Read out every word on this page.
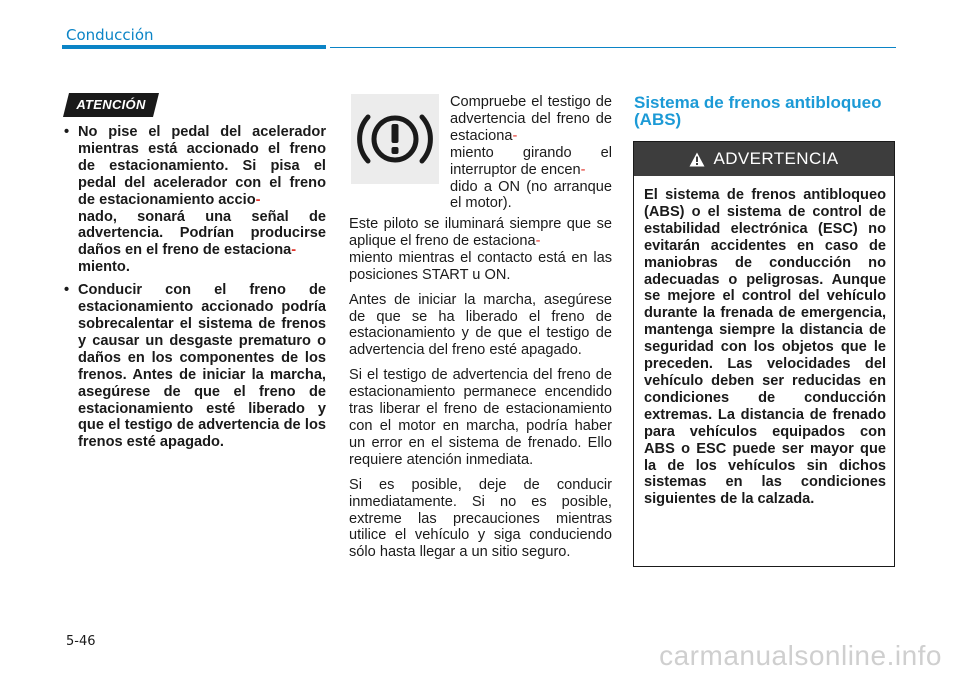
Conducción
ATENCIÓN
• No pise el pedal del acelerador mientras está accionado el freno de estacionamiento. Si pisa el pedal del acelerador con el freno de estacionamiento accio-
nado, sonará una señal de advertencia. Podrían producirse daños en el freno de estaciona-
miento.
• Conducir con el freno de estacionamiento accionado podría sobrecalentar el sistema de frenos y causar un desgaste prematuro o daños en los componentes de los frenos. Antes de iniciar la marcha, asegúrese de que el freno de estacionamiento esté liberado y que el testigo de advertencia de los frenos esté apagado.
Compruebe el testigo de advertencia del freno de estaciona-
miento girando el interruptor de encen-
dido a ON (no arranque el motor).

Este piloto se iluminará siempre que se aplique el freno de estaciona-
miento mientras el contacto está en las posiciones START u ON.

Antes de iniciar la marcha, asegúrese de que se ha liberado el freno de estacionamiento y de que el testigo de advertencia del freno esté apagado.

Si el testigo de advertencia del freno de estacionamiento permanece encendido tras liberar el freno de estacionamiento con el motor en marcha, podría haber un error en el sistema de frenado. Ello requiere atención inmediata.

Si es posible, deje de conducir inmediatamente. Si no es posible, extreme las precauciones mientras utilice el vehículo y siga conduciendo sólo hasta llegar a un sitio seguro.

Sistema de frenos antibloqueo (ABS)
ADVERTENCIA
El sistema de frenos antibloqueo (ABS) o el sistema de control de estabilidad electrónica (ESC) no evitarán accidentes en caso de maniobras de conducción no adecuadas o peligrosas. Aunque se mejore el control del vehículo durante la frenada de emergencia, mantenga siempre la distancia de seguridad con los objetos que le preceden. Las velocidades del vehículo deben ser reducidas en condiciones de conducción extremas. La distancia de frenado para vehículos equipados con ABS o ESC puede ser mayor que la de los vehículos sin dichos sistemas en las condiciones siguientes de la calzada.
5-46	carmanualsonline.info
